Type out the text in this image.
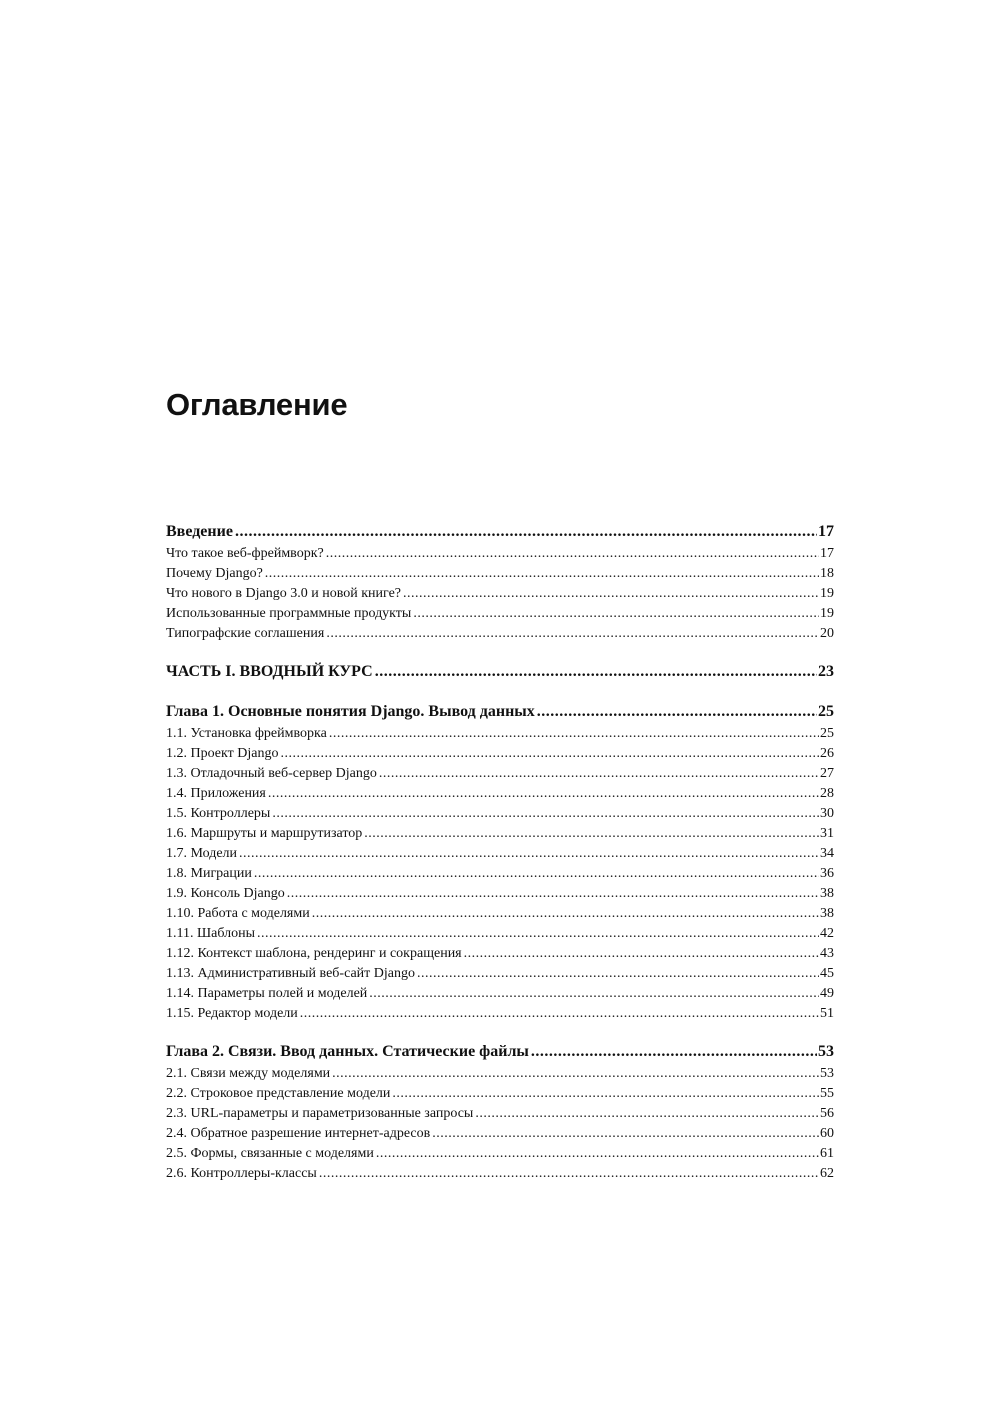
Оглавление
Введение .....	17
Что такое веб-фреймворк? .....	17
Почему Django? .....	18
Что нового в Django 3.0 и новой книге? .....	19
Использованные программные продукты .....	19
Типографские соглашения .....	20
ЧАСТЬ I. ВВОДНЫЙ КУРС .....	23
Глава 1. Основные понятия Django. Вывод данных .....	25
1.1. Установка фреймворка .....	25
1.2. Проект Django .....	26
1.3. Отладочный веб-сервер Django .....	27
1.4. Приложения .....	28
1.5. Контроллеры .....	30
1.6. Маршруты и маршрутизатор .....	31
1.7. Модели .....	34
1.8. Миграции .....	36
1.9. Консоль Django .....	38
1.10. Работа с моделями .....	38
1.11. Шаблоны .....	42
1.12. Контекст шаблона, рендеринг и сокращения .....	43
1.13. Административный веб-сайт Django .....	45
1.14. Параметры полей и моделей .....	49
1.15. Редактор модели .....	51
Глава 2. Связи. Ввод данных. Статические файлы .....	53
2.1. Связи между моделями .....	53
2.2. Строковое представление модели .....	55
2.3. URL-параметры и параметризованные запросы .....	56
2.4. Обратное разрешение интернет-адресов .....	60
2.5. Формы, связанные с моделями .....	61
2.6. Контроллеры-классы .....	62
